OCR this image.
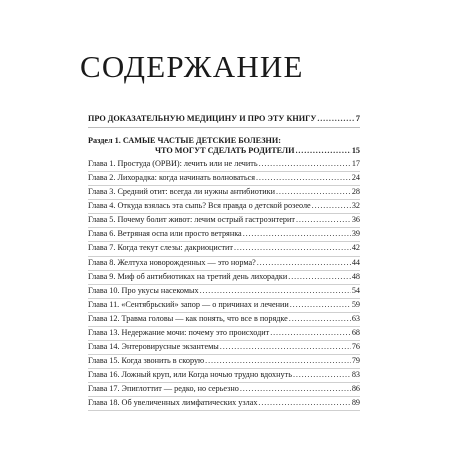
СОДЕРЖАНИЕ
ПРО ДОКАЗАТЕЛЬНУЮ МЕДИЦИНУ И ПРО ЭТУ КНИГУ . . .	7
Раздел 1. САМЫЕ ЧАСТЫЕ ДЕТСКИЕ БОЛЕЗНИ:
ЧТО МОГУТ СДЕЛАТЬ РОДИТЕЛИ . . .	15
Глава 1. Простуда (ОРВИ): лечить или не лечить . . .	17
Глава 2. Лихорадка: когда начинать волноваться . . .	24
Глава 3. Средний отит: всегда ли нужны антибиотики . . .	28
Глава 4. Откуда взялась эта сыпь? Вся правда о детской розеоле . . .	32
Глава 5. Почему болит живот: лечим острый гастроэнтерит . . .	36
Глава 6. Ветряная оспа или просто ветрянка . . .	39
Глава 7. Когда текут слезы: дакриоцистит . . .	42
Глава 8. Желтуха новорожденных — это норма? . . .	44
Глава 9. Миф об антибиотиках на третий день лихорадки . . .	48
Глава 10. Про укусы насекомых . . .	54
Глава 11. «Сентябрьский» запор — о причинах и лечении . . .	59
Глава 12. Травма головы — как понять, что все в порядке . . .	63
Глава 13. Недержание мочи: почему это происходит . . .	68
Глава 14. Энтеровирусные экзантемы . . .	76
Глава 15. Когда звонить в скорую . . .	79
Глава 16. Ложный круп, или Когда ночью трудно вдохнуть . . .	83
Глава 17. Эпиглоттит — редко, но серьезно . . .	86
Глава 18. Об увеличенных лимфатических узлах . . .	89
